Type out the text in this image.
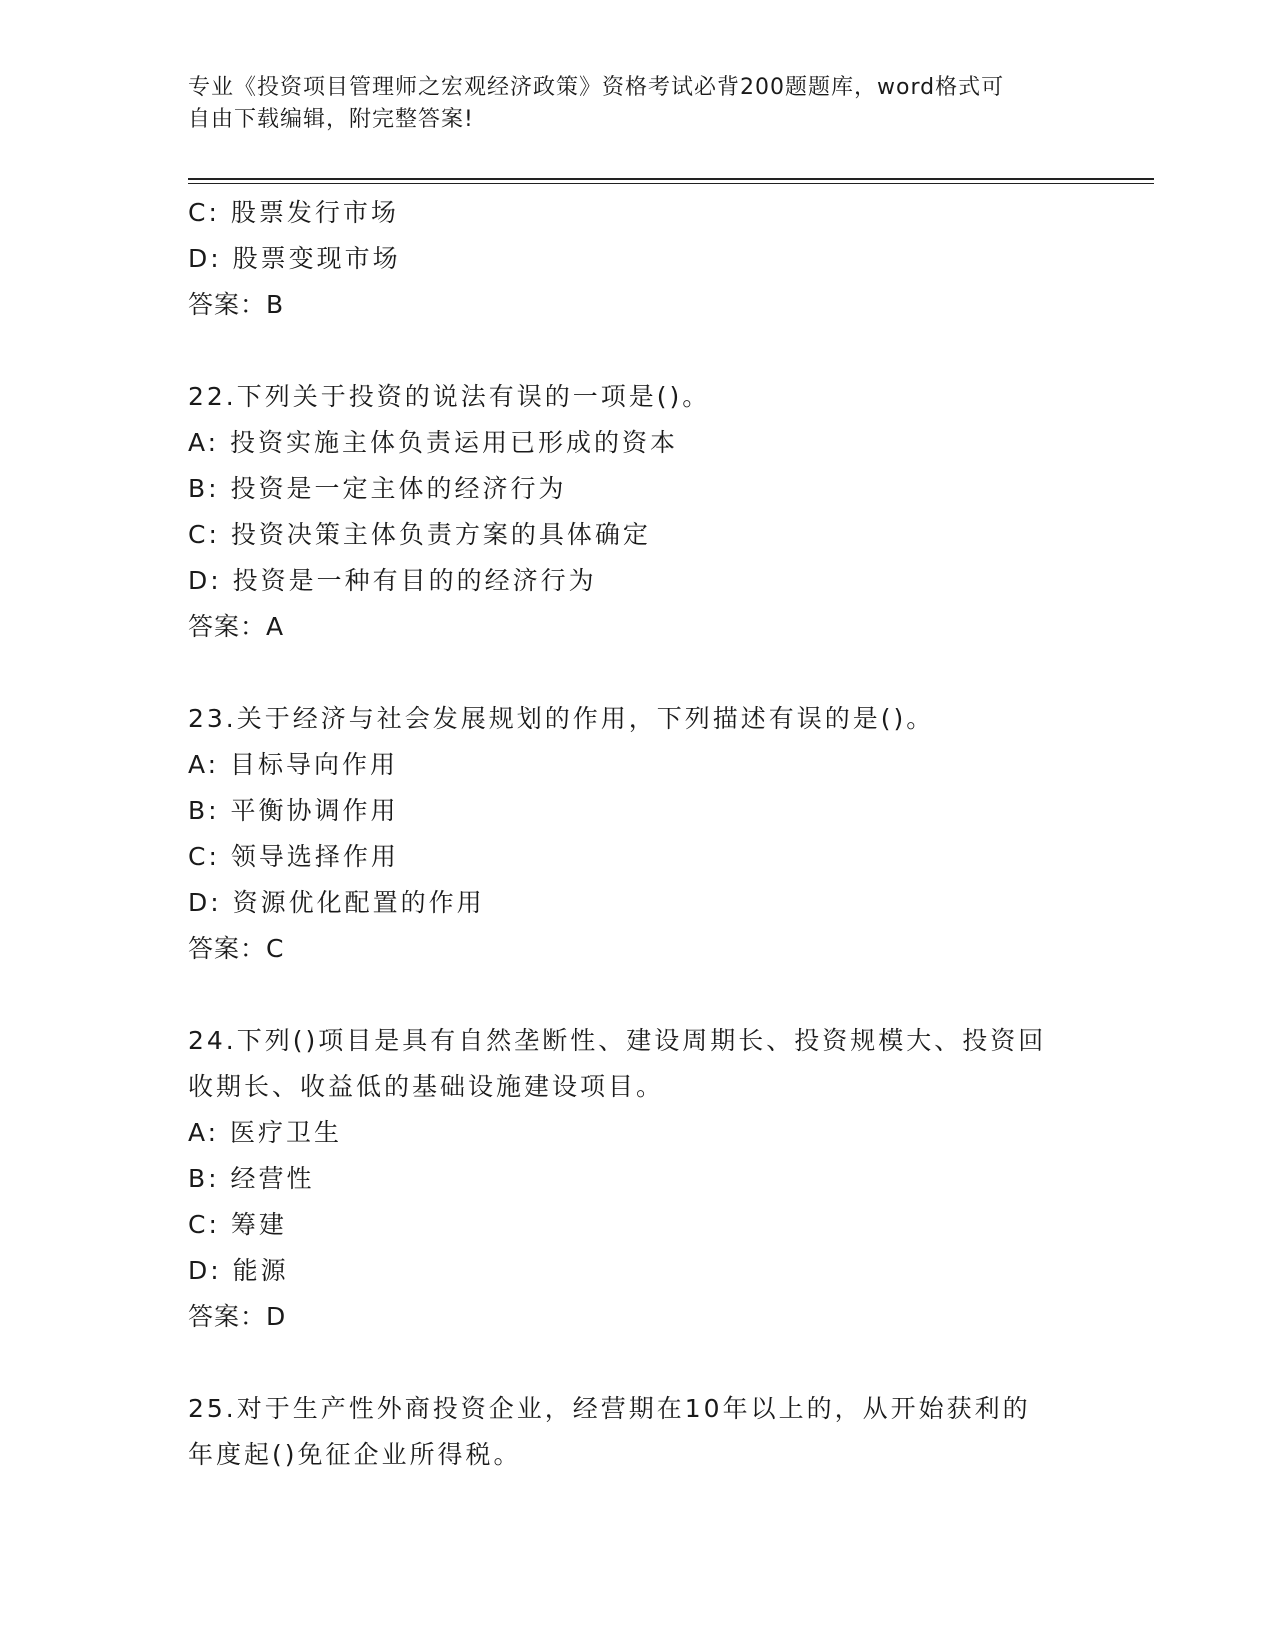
专业《投资项目管理师之宏观经济政策》资格考试必背200题题库，word格式可
自由下载编辑，附完整答案!
C: 股票发行市场
D: 股票变现市场
答案：B
22.下列关于投资的说法有误的一项是()。
A: 投资实施主体负责运用已形成的资本
B: 投资是一定主体的经济行为
C: 投资决策主体负责方案的具体确定
D: 投资是一种有目的的经济行为
答案：A
23.关于经济与社会发展规划的作用，下列描述有误的是()。
A: 目标导向作用
B: 平衡协调作用
C: 领导选择作用
D: 资源优化配置的作用
答案：C
24.下列()项目是具有自然垄断性、建设周期长、投资规模大、投资回
收期长、收益低的基础设施建设项目。
A: 医疗卫生
B: 经营性
C: 筹建
D: 能源
答案：D
25.对于生产性外商投资企业，经营期在10年以上的，从开始获利的
年度起()免征企业所得税。
